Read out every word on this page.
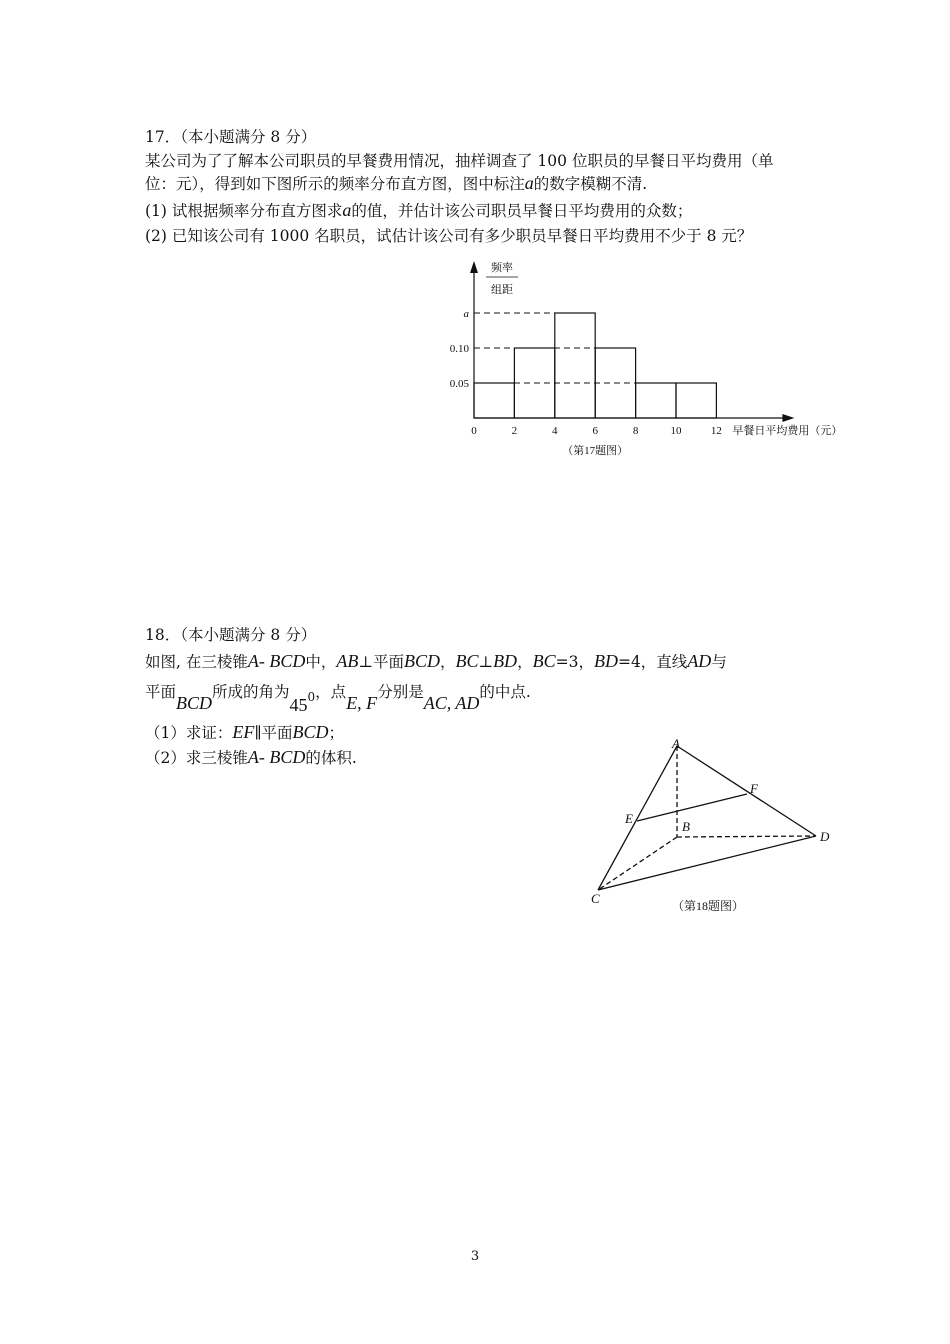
17．（本小题满分 8 分）
某公司为了了解本公司职员的早餐费用情况，抽样调查了 100 位职员的早餐日平均费用（单
位：元），得到如下图所示的频率分布直方图，图中标注a的数字模糊不清.
(1) 试根据频率分布直方图求a的值，并估计该公司职员早餐日平均费用的众数；
(2) 已知该公司有 1000 名职员，试估计该公司有多少职员早餐日平均费用不少于 8 元？
0	2	4	6	8	10	12
a
0.10
0.05
频率
组距
早餐日平均费用（元）
（第17题图）
18．（本小题满分 8 分）
如图, 在三棱锥A- BCD中，AB⊥平面BCD，BC⊥BD，BC=3，BD=4，直线AD与
平面BCD所成的角为450，点E, F分别是AC, AD的中点.
（1）求证：EF∥平面BCD；
（2）求三棱锥A- BCD的体积.
A
F
E
B
D
C	（第18题图）
3
